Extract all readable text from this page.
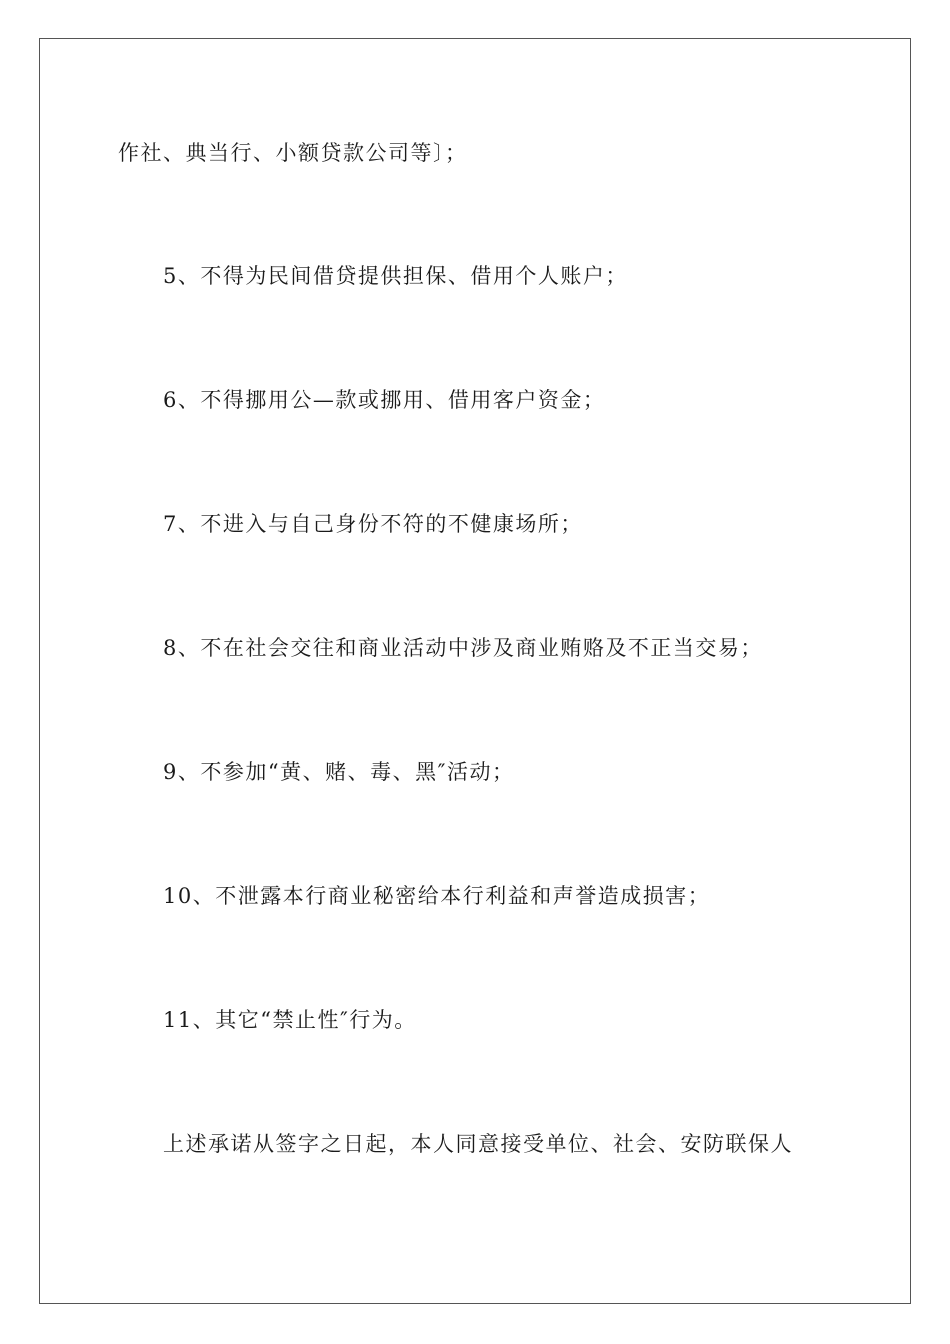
作社、典当行、小额贷款公司等〕；
5、不得为民间借贷提供担保、借用个人账户；
6、不得挪用公—款或挪用、借用客户资金；
7、不进入与自己身份不符的不健康场所；
8、不在社会交往和商业活动中涉及商业贿赂及不正当交易；
9、不参加“黄、赌、毒、黑″活动；
10、不泄露本行商业秘密给本行利益和声誉造成损害；
11、其它“禁止性″行为。
上述承诺从签字之日起，本人同意接受单位、社会、安防联保人
